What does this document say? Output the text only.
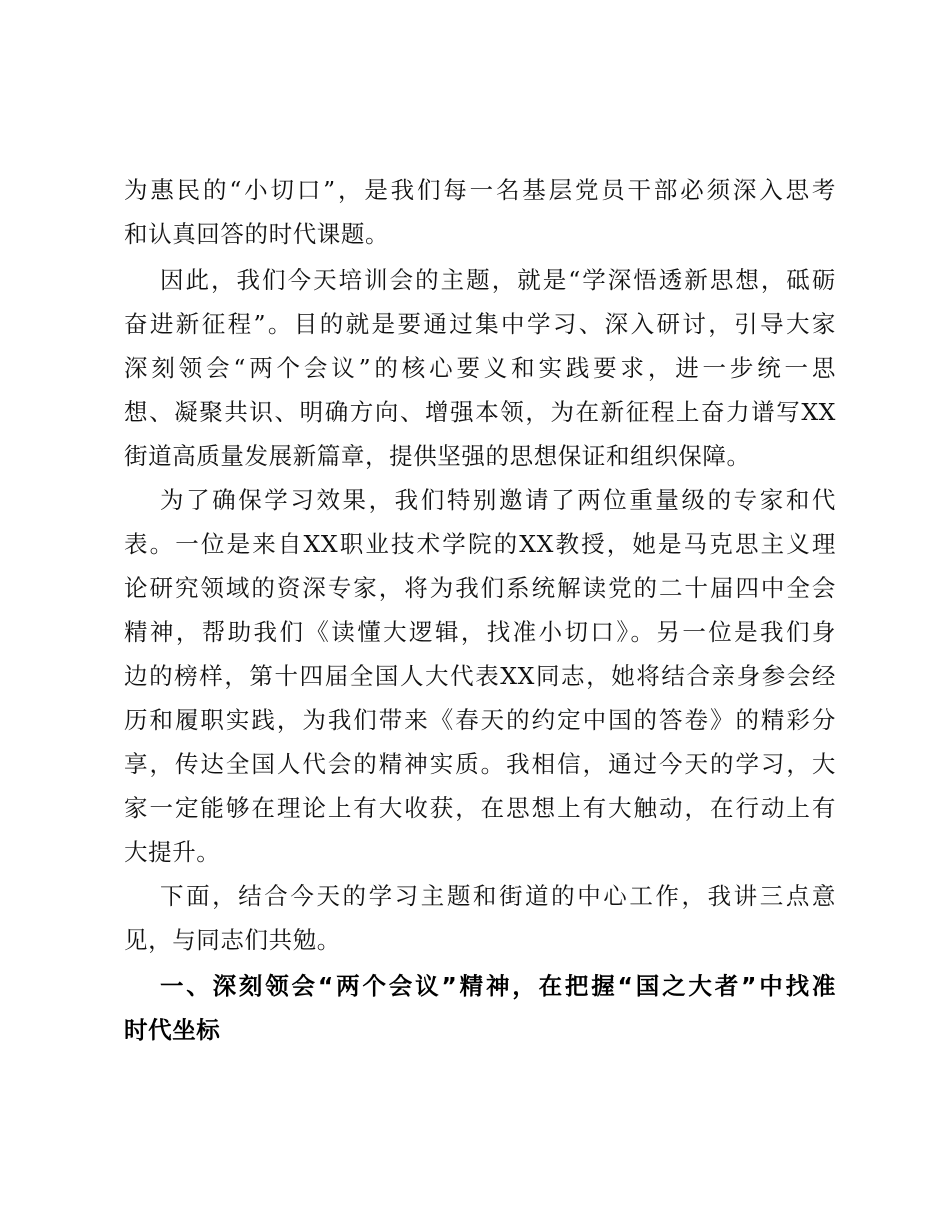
为惠民的“小切口”，是我们每一名基层党员干部必须深入思考
和认真回答的时代课题。
因此，我们今天培训会的主题，就是“学深悟透新思想，砥砺
奋进新征程”。目的就是要通过集中学习、深入研讨，引导大家
深刻领会“两个会议”的核心要义和实践要求，进一步统一思
想、凝聚共识、明确方向、增强本领，为在新征程上奋力谱写XX
街道高质量发展新篇章，提供坚强的思想保证和组织保障。
为了确保学习效果，我们特别邀请了两位重量级的专家和代
表。一位是来自XX职业技术学院的XX教授，她是马克思主义理
论研究领域的资深专家，将为我们系统解读党的二十届四中全会
精神，帮助我们《读懂大逻辑，找准小切口》。另一位是我们身
边的榜样，第十四届全国人大代表XX同志，她将结合亲身参会经
历和履职实践，为我们带来《春天的约定中国的答卷》的精彩分
享，传达全国人代会的精神实质。我相信，通过今天的学习，大
家一定能够在理论上有大收获，在思想上有大触动，在行动上有
大提升。
下面，结合今天的学习主题和街道的中心工作，我讲三点意
见，与同志们共勉。
一、深刻领会“两个会议”精神，在把握“国之大者”中找准
时代坐标
